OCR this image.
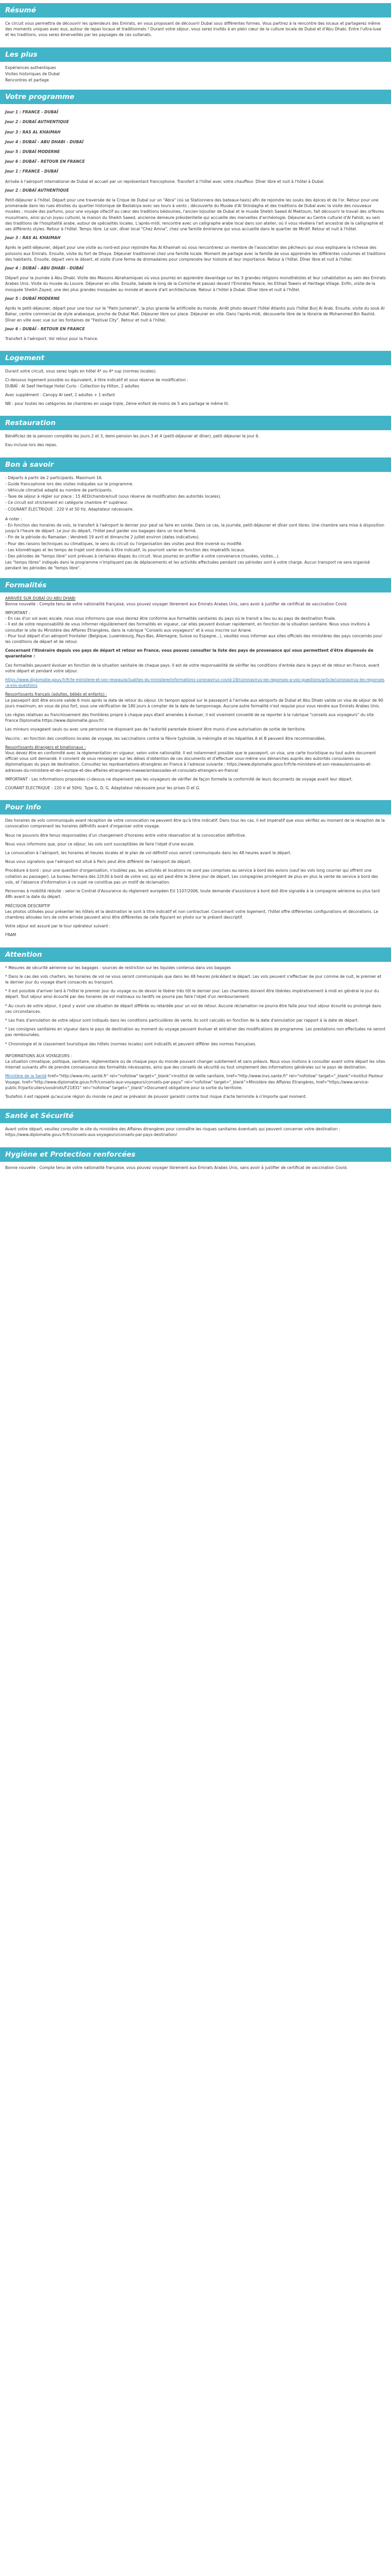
Résumé

Ce circuit vous permettra de découvrir les splendeurs des Emirats, en vous proposant de découvrir Dubaï sous différentes formes. Vous partirez à la rencontre des locaux et partagerez même des moments uniques avec eux, autour de repas locaux et traditionnels ! Durant votre séjour, vous serez invités à en plein cœur de la culture locale de Dubaï et d'Abu Dhabi. Entre l'ultra-luxe et les traditions, vous serez émerveillés par les paysages de ces sultanats.

Les plus
Expériences authentiques
Visites historiques de Dubaï
Rencontres et partage
Votre programme
Jour 1 : FRANCE - DUBAÏ
Jour 2 : DUBAÏ AUTHENTIQUE
Jour 3 : RAS AL KHAIMAH
Jour 4 : DUBAÏ - ABU DHABI - DUBAÏ
Jour 5 : DUBAÏ MODERNE
Jour 6 : DUBAÏ - RETOUR EN FRANCE
Jour 1 : FRANCE - DUBAÏ

Arrivée à l'aéroport international de Dubaï et accueil par un représentant francophone. Transfert à l'hôtel avec votre chauffeur. Dîner libre et nuit à l'hôtel à Dubaï.

Jour 2 : DUBAÏ AUTHENTIQUE

Petit-déjeuner à l'hôtel. Départ pour une traversée de la Crique de Dubaï sur un "Abra" (où se Stationnera des bateaux-taxis) afin de rejoindre les souks des épices et de l'or. Retour pour une promenade dans les rues étroites du quartier historique de Bastakiya avec ses tours à vents ; découverte du Musée d'Al Shindagha et des traditions de Dubaï avec la visite des nouveaux musées ; musée des parfums, pour une voyage olfactif au cœur des traditions bédouines, l'ancien bijoutier de Dubaï et le musée Sheikh Saeed Al Maktoum, fait découvrir le travail des orfèvres musulmans, ainsi qu'un joyau culturel, la maison du Sheikh Saeed, ancienne demeure présidentielle qui accueille des merveilles d'archéologie. Déjeuner au Centre culturel d'Al Fahidi, au sein des traditions de l'hospitalité arabe, autour de spécialités locales. L'après-midi, rencontre avec un calligraphe arabe local dans son atelier, où il vous révèlera l'art ancestral de la calligraphie et ses différents styles. Retour à l'hôtel. Temps libre. Le soir, dîner local "Chez Amna", chez une famille émirienne qui vous accueille dans le quartier de Mirdif. Retour et nuit à l'hôtel.

Jour 3 : RAS AL KHAIMAH

Après le petit-déjeuner, départ pour une visite au nord-est pour rejoindre Ras Al Khaimah où vous rencontrerez un membre de l'association des pêcheurs qui vous expliquera la richesse des poissons aux Emirats. Ensuite, visite du fort de Dhaya. Déjeuner traditionnel chez une famille locale. Moment de partage avec la famille de vous apprendre les différentes coutumes et traditions des habitants. Ensuite, départ vers le désert, et visite d'une ferme de dromadaires pour comprendre leur histoire et leur importance. Retour à l'hôtel. Dîner libre et nuit à l'hôtel.

Jour 4 : DUBAÏ - ABU DHABI - DUBAÏ

Départ pour la journée à Abu Dhabi. Visite des Maisons Abrahamiques où vous pourrez en apprendre davantage sur les 3 grandes religions monothéistes et leur cohabitation au sein des Emirats Arabes Unis. Visite du musée du Louvre. Déjeuner en ville. Ensuite, balade le long de la Corniche et passez devant l'Emirates Palace, les Etihad Towers et Heritage Village. Enfin, visite de la mosquée Sheikh Zayed, une des plus grandes mosquées au monde et œuvre d'art architecturale. Retour à l'hôtel à Dubaï. Dîner libre et nuit à l'hôtel.

Jour 5 : DUBAÏ MODERNE

Après le petit-déjeuner, départ pour une tour sur le "Palm Jumeirah", la plus grande île artificielle du monde. Arrêt photo devant l'hôtel Atlantis puis l'hôtel Burj Al Arab. Ensuite, visite du souk Al Bahar, centre commercial de style arabesque, proche de Dubaï Mall. Déjeuner libre sur place. Déjeuner en ville. Dans l'après-midi, découverte libre de la librairie de Mohammed Bin Rashid. Dîner en ville avec vue sur les fontaines de "Festival City". Retour et nuit à l'hôtel.

Jour 6 : DUBAÏ - RETOUR EN FRANCE

Transfert à l'aéroport. Vol retour pour la France.

Logement

Durant votre circuit, vous serez logés en hôtel 4* ou 4* sup (normes locales).

Ci-dessous logement possible ou équivalent, à titre indicatif et sous réserve de modification :
DUBAÏ : Al Seef Heritage Hotel Curio - Collection by Hilton, 2 adultes

Avec supplément : Canopy Al seef, 2 adultes + 1 enfant

NB : pour toutes les catégories de chambres en usage triple, 2ème enfant de moins de 5 ans partage le même lit.

Restauration

Bénéficiez de la pension complète les jours 2 et 3, demi-pension les jours 3 et 4 (petit-déjeuner et dîner), petit déjeuner le jour 6.

Eau incluse lors des repas.

Bon à savoir
- Départs à partir de 2 participants. Maximum 16.
- Guide francophone lors des visites indiquées sur le programme.
- Véhicule climatisé adapté au nombre de participants.
- Taxe de séjour à régler sur place : 15 AED/chambre/nuit (sous réserve de modification des autorités locales).
- Ce circuit est strictement en catégorie chambre 4* supérieur.
- COURANT ÉLECTRIQUE : 220 V et 50 Hz. Adaptateur nécessaire.
A noter :
- En fonction des horaires de vols, le transfert à l'aéroport le dernier jour peut se faire en soirée. Dans ce cas, la journée, petit-déjeuner et dîner sont libres. Une chambre sera mise à disposition jusqu'à l'heure de départ. Le jour du départ, l'hôtel peut garder vos bagages dans un local fermé.
- Fin de la période du Ramadan : Vendredi 19 avril et dimanche 2 juillet environ (dates indicatives).
- Pour des raisons techniques ou climatiques, le sens du circuit ou l'organisation des visites peut être inversé ou modifié.
- Les kilométrages et les temps de trajet sont donnés à titre indicatif, ils pourront varier en fonction des impératifs locaux.
- Des périodes de "temps libre" sont prévues à certaines étapes du circuit. Vous pourrez en profiter à votre convenance (musées, visites...).
Les "temps libres" indiqués dans le programme n'impliquent pas de déplacements et les activités effectuées pendant ces périodes sont à votre charge. Aucun transport ne sera organisé pendant les périodes de "temps libre".
Formalités
ARRIVÉE SUR DUBAÏ OU ABU DHABI

Bonne nouvelle : Compte tenu de votre nationalité française, vous pouvez voyager librement aux Emirats Arabes Unis, sans avoir à justifier de certificat de vaccination Covid.

IMPORTANT :

- En cas d'un vol avec escale, nous vous informons que vous devrez être conforme aux formalités sanitaires du pays où le transit a lieu ou au pays de destination finale.
- Il est de votre responsabilité de vous informer régulièrement des formalités en vigueur, car elles peuvent évoluer rapidement, en fonction de la situation sanitaire. Nous vous invitons à consulter le site du Ministère des Affaires Étrangères, dans la rubrique "Conseils aux voyageurs" et à vous inscrire sur Ariane.
- Pour tout départ d'un aéroport frontalier (Belgique, Luxembourg, Pays-Bas, Allemagne, Suisse ou Espagne...), veuillez vous informer aux sites officiels des ministères des pays concernés pour les conditions de départ et de retour.

Concernant l'Itinéraire depuis vos pays de départ et retour en France, vous pouvez consulter la liste des pays de provenance qui vous permettent d'être dispensés de quarantaine :

Ces formalités peuvent évoluer en fonction de la situation sanitaire de chaque pays. Il est de votre responsabilité de vérifier les conditions d'entrée dans le pays et de retour en France, avant votre départ et pendant votre séjour.

https://www.diplomatie.gouv.fr/fr/le-ministere-et-son-reseau/actualites-du-ministere/informations-coronavirus-covid-19/coronavirus-les-reponses-a-vos-questions/article/coronavirus-les-reponses-a-vos-questions

Ressortissants français (adultes, bébés et enfants) :

Le passeport doit être encore valide 6 mois après la date de retour du séjour. Un tampon apposé sur le passeport à l'arrivée aux aéroports de Dubaï et Abu Dhabi valide un visa de séjour de 90 jours maximum, en vous de plus fort, sous une vérification de 180 jours à compter de la date de tamponnage. Aucune autre formalité n'est requise pour vous rendre aux Emirats Arabes Unis.

Les règles relatives au franchissement des frontières propre à chaque pays étant amenées à évoluer, il est vivement conseillé de se reporter à la rubrique "conseils aux voyageurs" du site France Diplomatie.https://www.diplomatie.gouv.fr/.

Les mineurs voyageant seuls ou avec une personne ne disposant pas de l'autorité parentale doivent être munis d'une autorisation de sortie de territoire.

Vaccins : en fonction des conditions locales de voyage, les vaccinations contre la fièvre typhoïde, la méningite et les hépatites A et B peuvent être recommandées.

Ressortissants étrangers et binationaux :

Vous devez être en conformité avec la réglementation en vigueur, selon votre nationalité. Il est notamment possible que le passeport, un visa, une carte touristique ou tout autre document officiel vous soit demandé. Il convient de vous renseigner sur les délais d'obtention de ces documents et d'effectuer vous-même vos démarches auprès des autorités consulaires ou diplomatiques du pays de destination. Consultez les représentations étrangères en France à l'adresse suivante : https://www.diplomatie.gouv.fr/fr/le-ministere-et-son-reseau/annuaires-et-adresses-du-ministere-et-de-l-europe-et-des-affaires-etrangeres-maeae/ambassades-et-consulats-etrangers-en-france/

IMPORTANT : Les informations proposées ci-dessus ne dispensent pas les voyageurs de vérifier de façon formelle la conformité de leurs documents de voyage avant leur départ.

COURANT ÉLECTRIQUE : 220 V et 50Hz. Type G, D, G. Adaptateur nécessaire pour les prises D et G.

Pour info

Des horaires de vols communiqués avant réception de votre convocation ne peuvent être qu'à titre indicatif. Dans tous les cas, il est impératif que vous vérifiez au moment de la réception de la convocation comprenant les horaires définitifs avant d'organiser votre voyage.

Nous ne pouvons être tenus responsables d'un changement d'horaires entre votre réservation et la convocation définitive.

Nous vous informons que, pour ce séjour, les vols sont susceptibles de faire l'objet d'une escale.

La convocation à l'aéroport, les horaires et heures locales et le plan de vol définitif vous seront communiqués dans les 48 heures avant le départ.

Nous vous signalons que l'aéroport est situé à Paris peut être différent de l'aéroport de départ.

Procédure à bord : pour une question d'organisation, n'oubliez pas, les activités et locations ne sont pas comprises au service à bord des avions (sauf les vols long courrier qui offrent une collation au passager). Le bureau fermera dès 22h30 à bord de votre vol, qui est peut-être le 2ème jour de départ. Les compagnies privilégient de plus en plus la vente de service à bord des vols, et l'absence d'information à ce sujet ne constitue pas un motif de réclamation.

Personnes à mobilité réduite : selon le Contrat d'Assurance du règlement européen EU 1107/2006, toute demande d'assistance à bord doit être signalée à la compagnie aérienne au plus tard 48h avant la date du départ.

PRÉCISION DESCRIPTIF

Les photos utilisées pour présenter les hôtels et la destination le sont à titre indicatif et non contractuel. Concernant votre logement, l'hôtel offre différentes configurations et décorations. Le chambres allouées lors de votre arrivée peuvent ainsi être différentes de celle figurant en photo sur le présent descriptif.

Votre séjour est assuré par le tour opérateur suivant :

FRAM

Attention

* Mesures de sécurité aérienne sur les bagages : sources de restriction sur les liquides contenus dans vos bagages

* Dans le cas des vols charters, les horaires de vol ne vous seront communiqués que dans les 48 heures précédant le départ. Les vols peuvent s'effectuer de jour comme de nuit, le premier et le dernier jour du voyage étant consacrés au transport.

* Il est possible d'arriver tard à l'hôtel le premier jour du voyage ou de devoir le libérer très tôt le dernier jour. Les chambres doivent être libérées impérativement à midi en général le jour du départ. Tout séjour ainsi écourté par des horaires de vol matinaux ou tardifs ne pourra pas faire l'objet d'un remboursement.

* Au cours de votre séjour, il peut y avoir une situation de départ différée ou retardée pour un vol de retour. Aucune réclamation ne pourra être faite pour tout séjour écourté ou prolongé dans ces circonstances.

* Les frais d'annulation de votre séjour sont indiqués dans les conditions particulières de vente. Ils sont calculés en fonction de la date d'annulation par rapport à la date de départ.

* Les consignes sanitaires en vigueur dans le pays de destination au moment du voyage peuvent évoluer et entraîner des modifications de programme. Les prestations non effectuées ne seront pas remboursées.

* Chronologie et le classement touristique des hôtels (normes locales) sont indicatifs et peuvent différer des normes françaises.

INFORMATIONS AUX VOYAGEURS :

La situation climatique, politique, sanitaire, réglementaire ou de chaque pays du monde pouvant changer subitement et sans préavis. Nous vous invitons à consulter avant votre départ les sites Internet suivants afin de prendre connaissance des formalités nécessaires, ainsi que des conseils de sécurité ou tout simplement des informations générales sur le pays de destination.

Ministère de la Santé href="http://www.nhc.santé.fr" rel="nofollow" target="_blank">Institut de veille sanitaire, href="http://www.invs.sante.fr" rel="nofollow" target="_blank">Institut Pasteur Voyage, href="http://www.diplomatie.gouv.fr/fr/conseils-aux-voyageurs/conseils-par-pays/" rel="nofollow" target="_blank">Ministère des Affaires Etrangères, href="https://www.service-public.fr/particuliers/vosdroits/F21831" rel="nofollow" target="_blank">Document obligatoire pour la sortie du territoire.

Toutefois il est rappelé qu'aucune région du monde ne peut se prévaloir de pouvoir garantir contre tout risque d'acte terroriste à n'importe quel moment.

Santé et Sécurité

Avant votre départ, veuillez consulter le site du ministère des Affaires étrangères pour connaître les risques sanitaires éventuels qui peuvent concerner votre destination : https://www.diplomatie.gouv.fr/fr/conseils-aux-voyageurs/conseils-par-pays-destination/

Hygiène et Protection renforcées

Bonne nouvelle : Compte tenu de votre nationalité française, vous pouvez voyager librement aux Emirats Arabes Unis, sans avoir à justifier de certificat de vaccination Covid.
